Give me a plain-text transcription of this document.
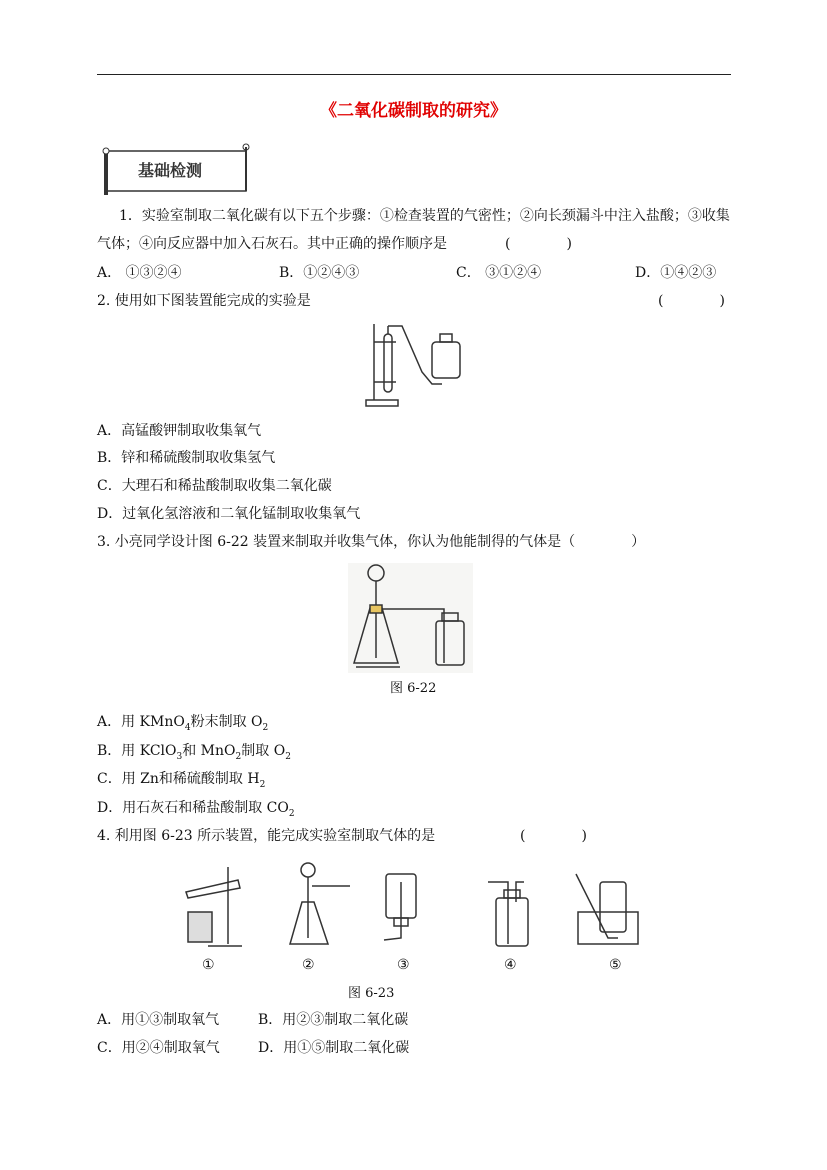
《二氧化碳制取的研究》
基础检测
1．实验室制取二氧化碳有以下五个步骤：①检查装置的气密性；②向长颈漏斗中注入盐酸；③收集
气体；④向反应器中加入石灰石。其中正确的操作顺序是	(　　　　)
A． ①③②④	B．①②④③	C． ③①②④	D．①④②③
2. 使用如下图装置能完成的实验是	(　　　　)
A．高锰酸钾制取收集氧气
B．锌和稀硫酸制取收集氢气
C．大理石和稀盐酸制取收集二氧化碳
D．过氧化氢溶液和二氧化锰制取收集氧气
3. 小亮同学设计图 6-22 装置来制取并收集气体，你认为他能制得的气体是（　　　　）
图 6-22
A．用 KMnO$_4$粉末制取 $O_2$
B．用 KClO$_3$和 MnO$_2$制取 $O_2$
C．用 Zn和稀硫酸制取 $H_2$
D．用石灰石和稀盐酸制取 $CO_2$
4. 利用图 6-23 所示装置，能完成实验室制取气体的是	(　　　　)
①	②	③	④	⑤
图 6-23
A．用①③制取氧气	B．用②③制取二氧化碳
C．用②④制取氧气	D．用①⑤制取二氧化碳
